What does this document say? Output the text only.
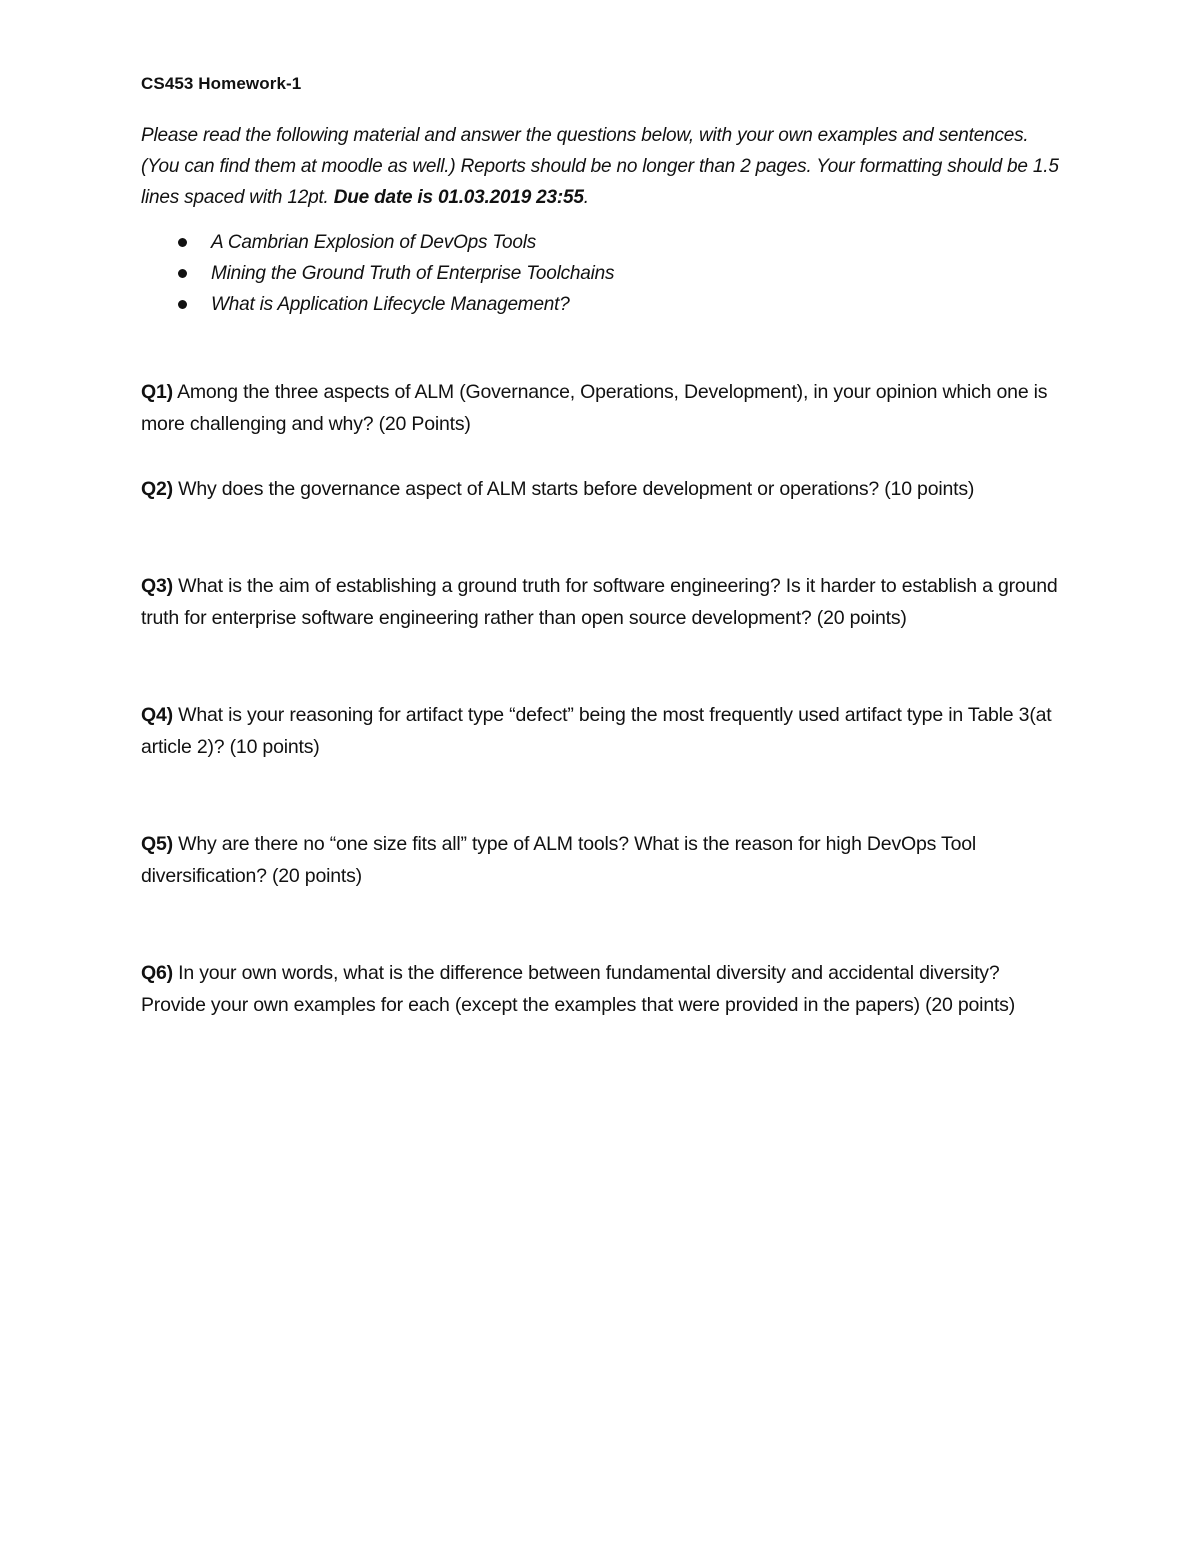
CS453 Homework-1

Please read the following material and answer the questions below, with your own examples and sentences. (You can find them at moodle as well.) Reports should be no longer than 2 pages. Your formatting should be 1.5 lines spaced with 12pt. Due date is 01.03.2019 23:55.

A Cambrian Explosion of DevOps Tools
Mining the Ground Truth of Enterprise Toolchains
What is Application Lifecycle Management?

Q1) Among the three aspects of ALM (Governance, Operations, Development), in your opinion which one is more challenging and why? (20 Points)

Q2) Why does the governance aspect of ALM starts before development or operations? (10 points)

Q3) What is the aim of establishing a ground truth for software engineering? Is it harder to establish a ground truth for enterprise software engineering rather than open source development? (20 points)

Q4) What is your reasoning for artifact type “defect” being the most frequently used artifact type in Table 3(at article 2)? (10 points)

Q5) Why are there no “one size fits all” type of ALM tools? What is the reason for high DevOps Tool diversification? (20 points)

Q6) In your own words, what is the difference between fundamental diversity and accidental diversity? Provide your own examples for each (except the examples that were provided in the papers) (20 points)
